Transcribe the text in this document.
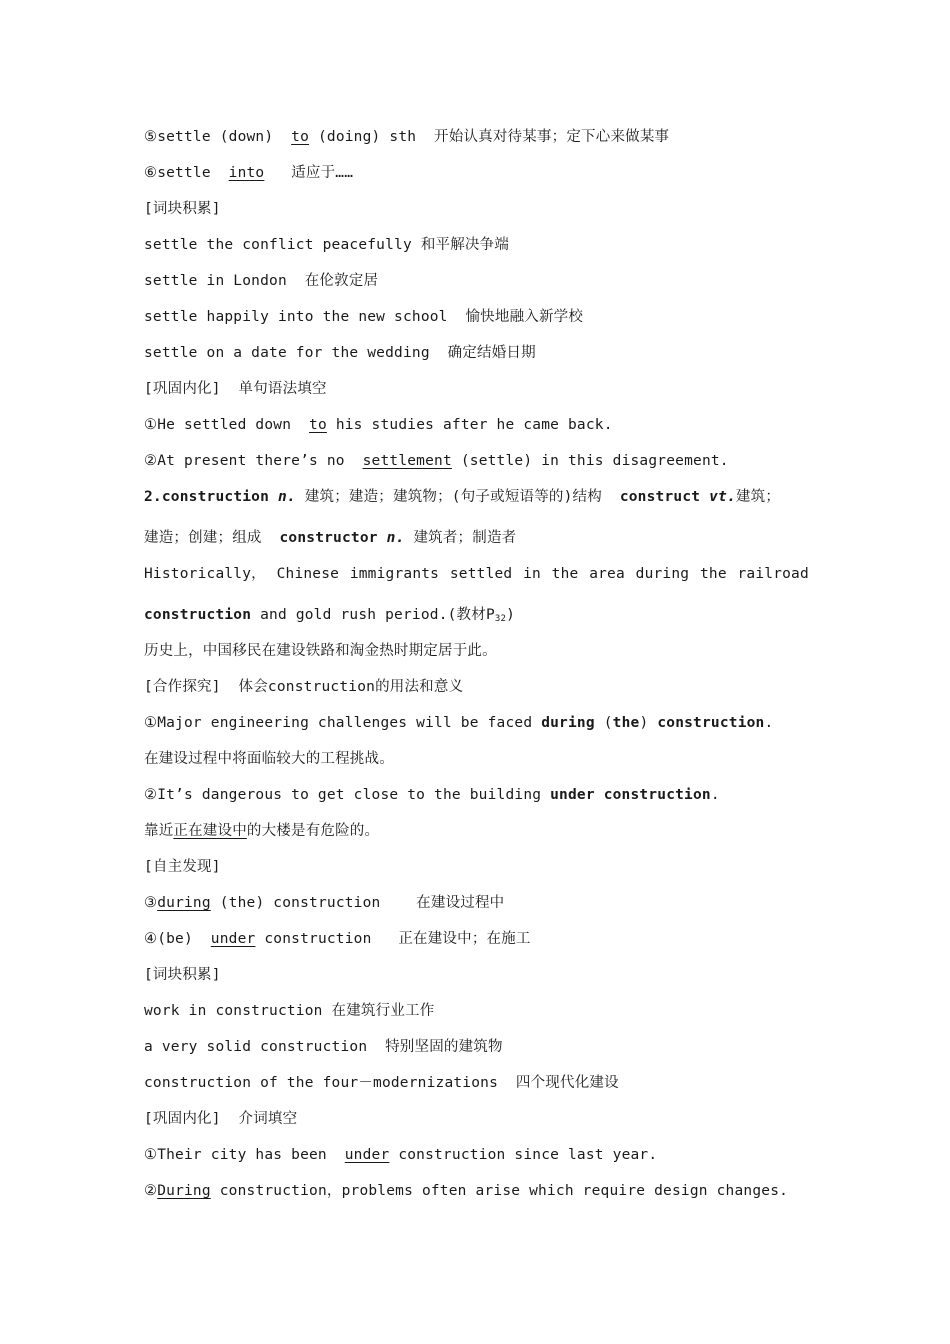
⑤settle (down)  to (doing) sth  开始认真对待某事；定下心来做某事
⑥settle  into   适应于……
[词块积累]
settle the conflict peacefully 和平解决争端
settle in London  在伦敦定居
settle happily into the new school  愉快地融入新学校
settle on a date for the wedding  确定结婚日期
[巩固内化]  单句语法填空
①He settled down  to his studies after he came back.
②At present there’s no  settlement (settle) in this disagreement.
2.construction n. 建筑；建造；建筑物；(句子或短语等的)结构  construct vt.建筑；
建造；创建；组成  constructor n. 建筑者；制造者
Historically， Chinese immigrants settled in the area during the railroad
construction and gold rush period.(教材$P_{32}$)
历史上，中国移民在建设铁路和淘金热时期定居于此。
[合作探究]  体会construction的用法和意义
①Major engineering challenges will be faced during (the) construction.
在建设过程中将面临较大的工程挑战。
②It’s dangerous to get close to the building under construction.
靠近正在建设中的大楼是有危险的。
[自主发现]
③during (the) construction    在建设过程中
④(be)  under construction   正在建设中；在施工
[词块积累]
work in construction 在建筑行业工作
a very solid construction  特别坚固的建筑物
construction of the four－modernizations  四个现代化建设
[巩固内化]  介词填空
①Their city has been  under construction since last year.
②During construction，problems often arise which require design changes.
